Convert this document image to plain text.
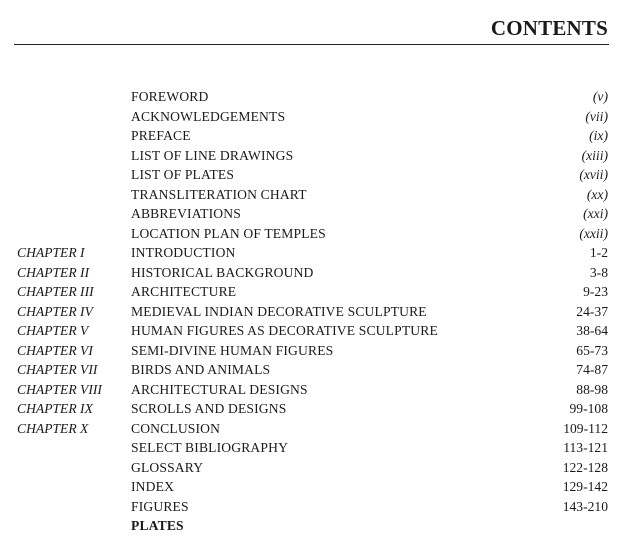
CONTENTS
FOREWORD	(v)
ACKNOWLEDGEMENTS	(vii)
PREFACE	(ix)
LIST OF LINE DRAWINGS	(xiii)
LIST OF PLATES	(xvii)
TRANSLITERATION CHART	(xx)
ABBREVIATIONS	(xxi)
LOCATION PLAN OF TEMPLES	(xxii)
CHAPTER I	INTRODUCTION	1-2
CHAPTER II	HISTORICAL BACKGROUND	3-8
CHAPTER III	ARCHITECTURE	9-23
CHAPTER IV	MEDIEVAL INDIAN DECORATIVE SCULPTURE	24-37
CHAPTER V	HUMAN FIGURES AS DECORATIVE SCULPTURE	38-64
CHAPTER VI	SEMI-DIVINE HUMAN FIGURES	65-73
CHAPTER VII BIRDS AND ANIMALS	74-87
CHAPTER VIII ARCHITECTURAL DESIGNS	88-98
CHAPTER IX	SCROLLS AND DESIGNS	99-108
CHAPTER X	CONCLUSION	109-112
SELECT BIBLIOGRAPHY	113-121
GLOSSARY	122-128
INDEX	129-142
FIGURES	143-210
PLATES
